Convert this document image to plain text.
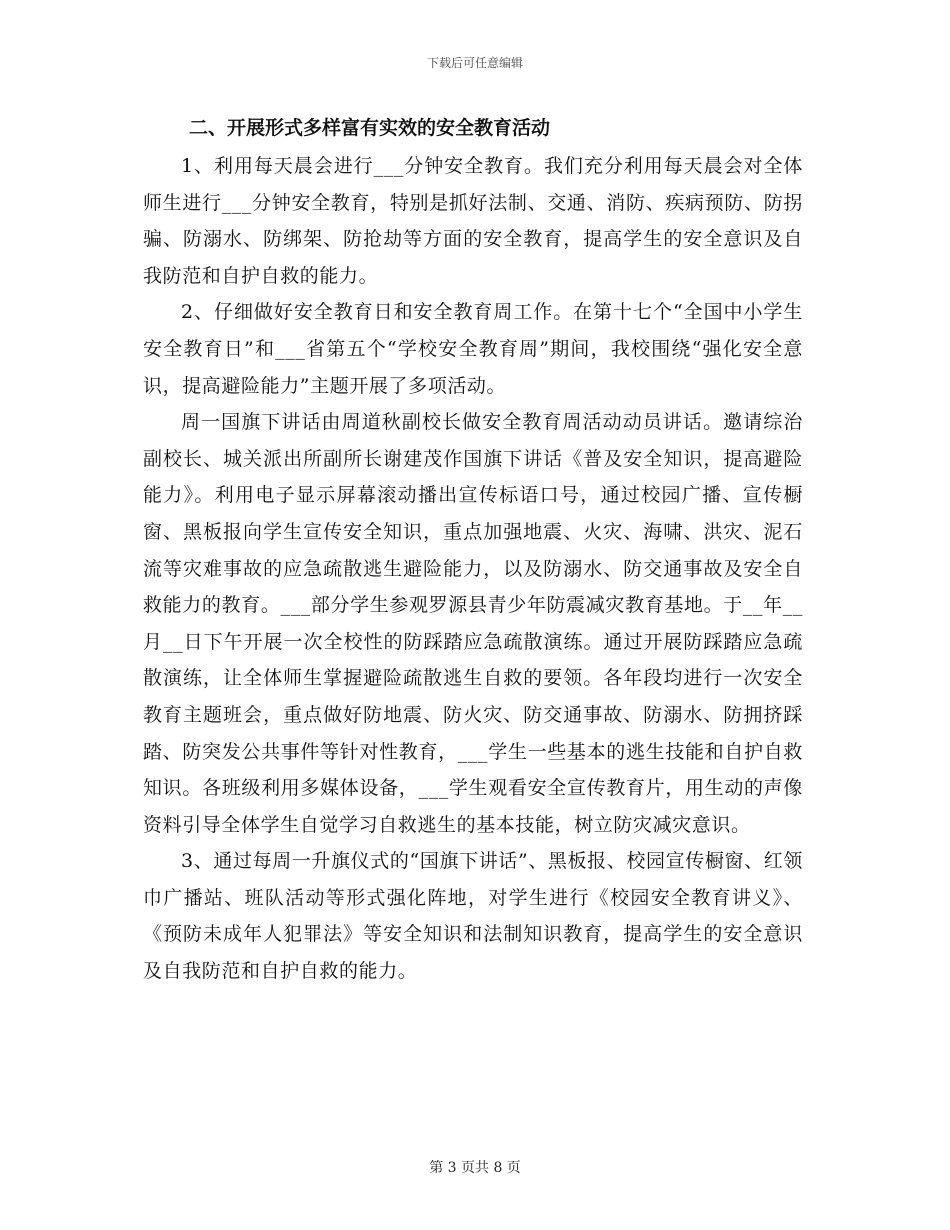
下载后可任意编辑
二、开展形式多样富有实效的安全教育活动

1、利用每天晨会进行___分钟安全教育。我们充分利用每天晨会对全体师生进行___分钟安全教育，特别是抓好法制、交通、消防、疾病预防、防拐骗、防溺水、防绑架、防抢劫等方面的安全教育，提高学生的安全意识及自我防范和自护自救的能力。

2、仔细做好安全教育日和安全教育周工作。在第十七个“全国中小学生安全教育日”和___省第五个“学校安全教育周”期间，我校围绕“强化安全意识，提高避险能力”主题开展了多项活动。

周一国旗下讲话由周道秋副校长做安全教育周活动动员讲话。邀请综治副校长、城关派出所副所长谢建茂作国旗下讲话《普及安全知识，提高避险能力》。利用电子显示屏幕滚动播出宣传标语口号，通过校园广播、宣传橱窗、黑板报向学生宣传安全知识，重点加强地震、火灾、海啸、洪灾、泥石流等灾难事故的应急疏散逃生避险能力，以及防溺水、防交通事故及安全自救能力的教育。___部分学生参观罗源县青少年防震减灾教育基地。于__年__月__日下午开展一次全校性的防踩踏应急疏散演练。通过开展防踩踏应急疏散演练，让全体师生掌握避险疏散逃生自救的要领。各年段均进行一次安全教育主题班会，重点做好防地震、防火灾、防交通事故、防溺水、防拥挤踩踏、防突发公共事件等针对性教育，___学生一些基本的逃生技能和自护自救知识。各班级利用多媒体设备，___学生观看安全宣传教育片，用生动的声像资料引导全体学生自觉学习自救逃生的基本技能，树立防灾减灾意识。

3、通过每周一升旗仪式的“国旗下讲话”、黑板报、校园宣传橱窗、红领巾广播站、班队活动等形式强化阵地，对学生进行《校园安全教育讲义》、《预防未成年人犯罪法》等安全知识和法制知识教育，提高学生的安全意识及自我防范和自护自救的能力。

第 3 页共 8 页
